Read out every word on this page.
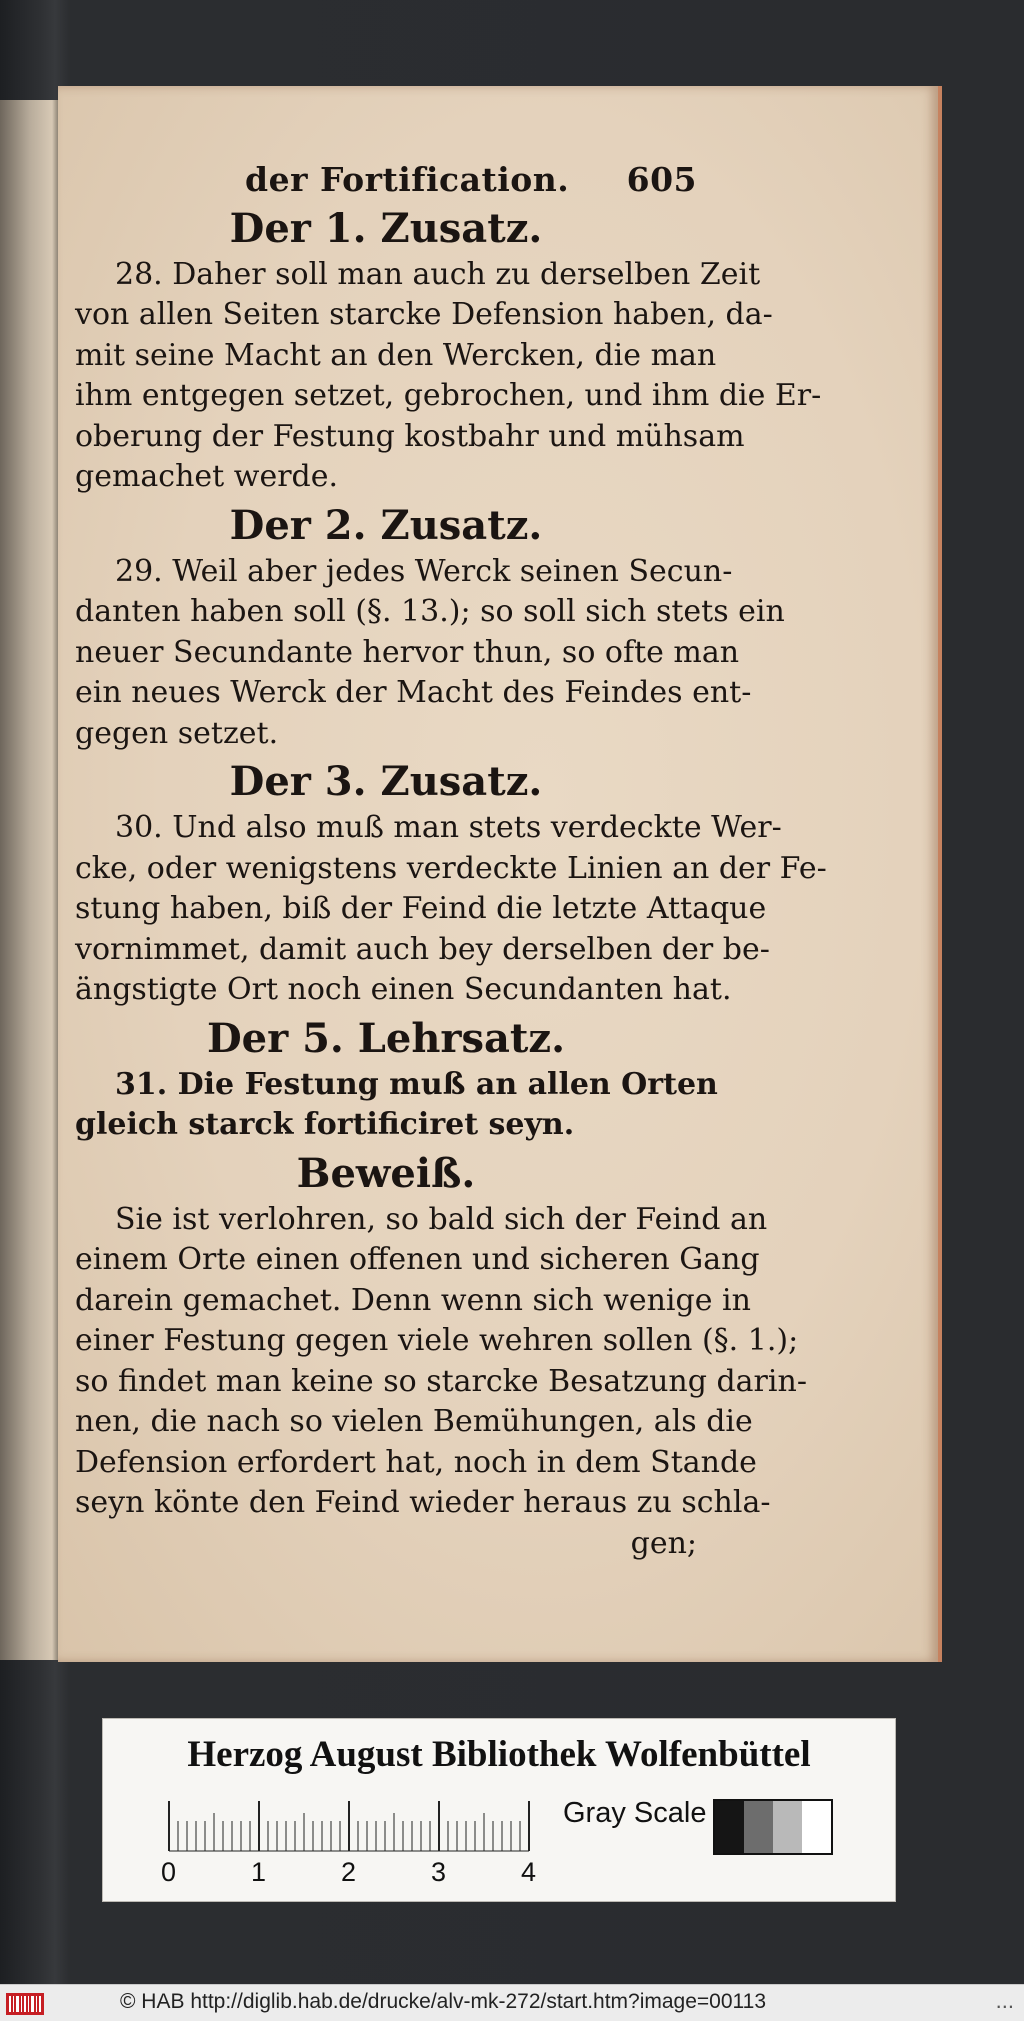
der Fortification. 605
Der 1. Zusatz.
28. Daher soll man auch zu derselben Zeit
von allen Seiten starcke Defension haben, da-
mit seine Macht an den Wercken, die man
ihm entgegen setzet, gebrochen, und ihm die Er-
oberung der Festung kostbahr und mühsam
gemachet werde.
Der 2. Zusatz.
29. Weil aber jedes Werck seinen Secun-
danten haben soll (§. 13.); so soll sich stets ein
neuer Secundante hervor thun, so ofte man
ein neues Werck der Macht des Feindes ent-
gegen setzet.
Der 3. Zusatz.
30. Und also muß man stets verdeckte Wer-
cke, oder wenigstens verdeckte Linien an der Fe-
stung haben, biß der Feind die letzte Attaque
vornimmet, damit auch bey derselben der be-
ängstigte Ort noch einen Secundanten hat.
Der 5. Lehrsatz.
31. Die Festung muß an allen Orten
gleich starck fortificiret seyn.
Beweiß.
Sie ist verlohren, so bald sich der Feind an
einem Orte einen offenen und sicheren Gang
darein gemachet. Denn wenn sich wenige in
einer Festung gegen viele wehren sollen (§. 1.);
so findet man keine so starcke Besatzung darin-
nen, die nach so vielen Bemühungen, als die
Defension erfordert hat, noch in dem Stande
seyn könte den Feind wieder heraus zu schla-
gen;
Herzog August Bibliothek Wolfenbüttel
0	1	2	3	4
Gray Scale
© HAB http://diglib.hab.de/drucke/alv-mk-272/start.htm?image=00113	...
